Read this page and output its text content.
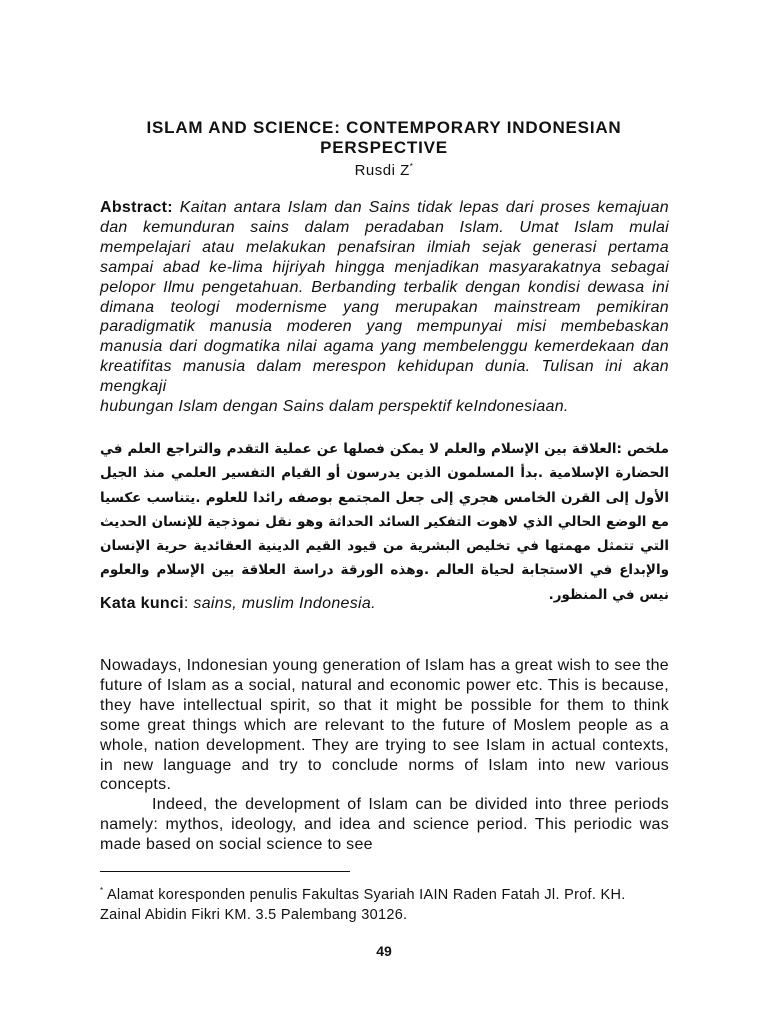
ISLAM AND SCIENCE: CONTEMPORARY INDONESIAN PERSPECTIVE
Rusdi Z*
Abstract: Kaitan antara Islam dan Sains tidak lepas dari proses kemajuan dan kemunduran sains dalam peradaban Islam. Umat Islam mulai mempelajari atau melakukan penafsiran ilmiah sejak generasi pertama sampai abad ke-lima hijriyah hingga menjadikan masyarakatnya sebagai pelopor Ilmu pengetahuan. Berbanding terbalik dengan kondisi dewasa ini dimana teologi modernisme yang merupakan mainstream pemikiran paradigmatik manusia moderen yang mempunyai misi membebaskan manusia dari dogmatika nilai agama yang membelenggu kemerdekaan dan kreatifitas manusia dalam merespon kehidupan dunia. Tulisan ini akan mengkaji
hubungan Islam dengan Sains dalam perspektif keIndonesiaan.
ملخص :العلاقة بين الإسلام والعلم لا يمكن فصلها عن عملية التقدم والتراجع العلم في الحضارة الإسلامية .بدأ المسلمون الذين يدرسون أو القيام التفسير العلمي منذ الجيل الأول إلى القرن الخامس هجري إلى جعل المجتمع بوصفه رائدا للعلوم .يتناسب عكسيا مع الوضع الحالي الذي لاهوت التفكير السائد الحداثة وهو نقل نموذجية للإنسان الحديث التي تتمثل مهمتها في تخليص البشرية من قيود القيم الدينية العقائدية حرية الإنسان والإبداع في الاستجابة لحياة العالم .وهذه الورقة دراسة العلاقة بين الإسلام والعلوم نيس في المنظور.
Kata kunci: sains, muslim Indonesia.
Nowadays, Indonesian young generation of Islam has a great wish to see the future of Islam as a social, natural and economic power etc. This is because, they have intellectual spirit, so that it might be possible for them to think some great things which are relevant to the future of Moslem people as a whole, nation development. They are trying to see Islam in actual contexts, in new language and try to conclude norms of Islam into new various concepts.
Indeed, the development of Islam can be divided into three periods namely: mythos, ideology, and idea and science period. This periodic was made based on social science to see
* Alamat koresponden penulis Fakultas Syariah IAIN Raden Fatah Jl. Prof. KH. Zainal Abidin Fikri KM. 3.5 Palembang 30126.
49
